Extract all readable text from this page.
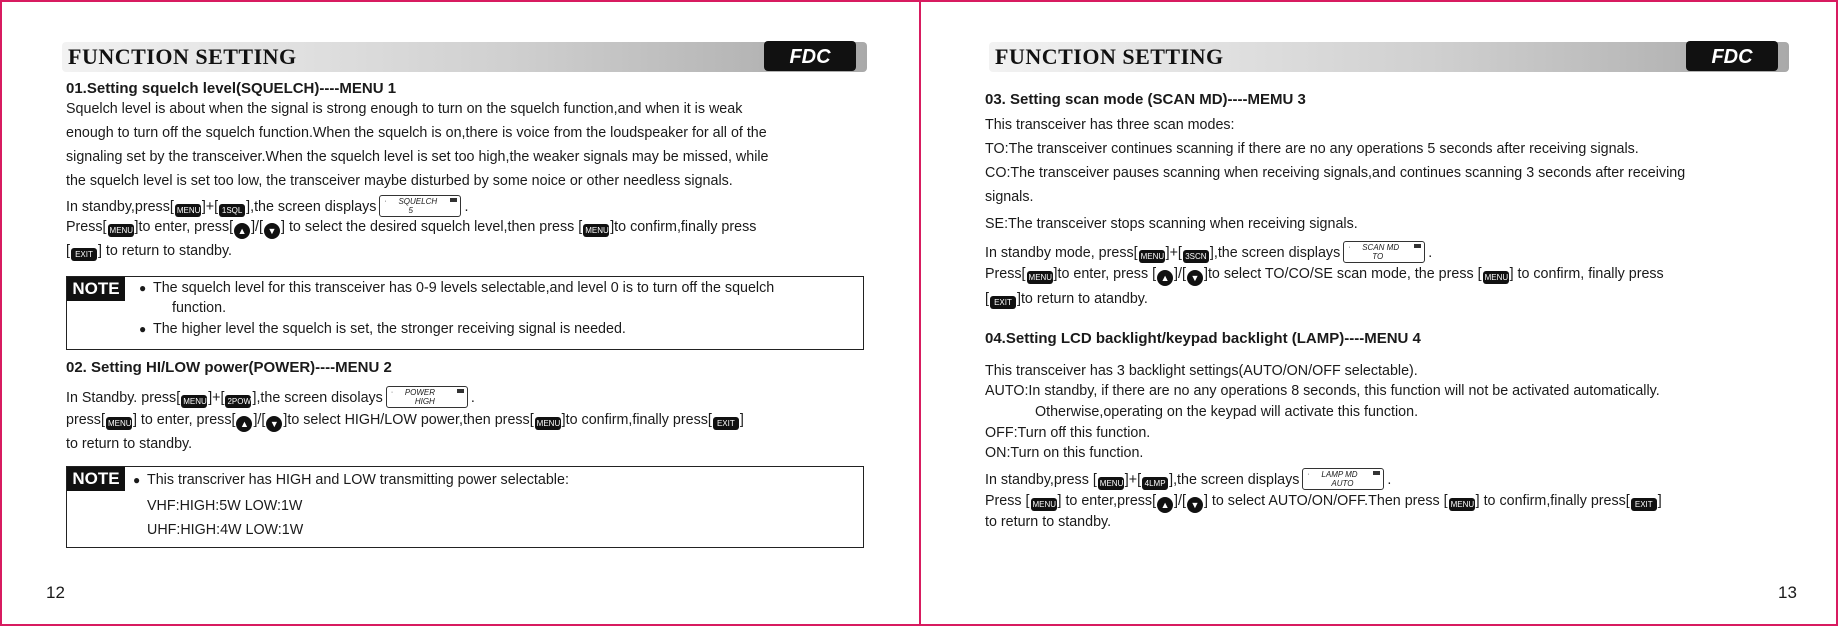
FUNCTION SETTING	FDC
01.Setting squelch level(SQUELCH)----MENU 1
Squelch level is about when the signal is strong enough to turn on the squelch function,and when it is weak
enough to turn off the squelch function.When the squelch is on,there is voice from the loudspeaker for all of the
signaling set by the transceiver.When the squelch level is set too high,the weaker signals may be missed, while
the squelch level is set too low, the transceiver maybe disturbed by some noice or other needless signals.
In standby,press[ MENU]+[ 1SQL ],the screen displays · SQUELCH
5	.
Press[ MENU]to enter, press[ ▲ ]/[ ▼ ] to select the desired squelch level,then press [ MENU]to confirm,finally press
[ EXIT ] to return to standby.
NOTE	● The squelch level for this transceiver has 0-9 levels selectable,and level 0 is to turn off the squelch
function.
● The higher level the squelch is set, the stronger receiving signal is needed.
02. Setting HI/LOW power(POWER)----MENU 2
In Standby. press[ MENU]+[ 2POW],the screen disolays · POWER
HIGH	.
press[ MENU] to enter, press[ ▲ ]/[ ▼ ]to select HIGH/LOW power,then press[ MENU]to confirm,finally press[ EXIT ]
to return to standby.
NOTE	● This transcriver has HIGH and LOW transmitting power selectable:
VHF:HIGH:5W LOW:1W
UHF:HIGH:4W LOW:1W
12
FUNCTION SETTING	FDC
03. Setting scan mode (SCAN MD)----MEMU 3
This transceiver has three scan modes:
TO:The transceiver continues scanning if there are no any operations 5 seconds after receiving signals.
CO:The transceiver pauses scanning when receiving signals,and continues scanning 3 seconds after receiving
signals.
SE:The transceiver stops scanning when receiving signals.
In standby mode, press[ MENU]+[ 3SCN ],the screen displays · SCAN MD
TO	.
Press[ MENU]to enter, press [ ▲ ]/[ ▼ ]to select TO/CO/SE scan mode, the press [ MENU] to confirm, finally press
[ EXIT ]to return to atandby.
04.Setting LCD backlight/keypad backlight (LAMP)----MENU 4
This transceiver has 3 backlight settings(AUTO/ON/OFF selectable).
AUTO:In standby, if there are no any operations 8 seconds, this function will not be activated automatically.
Otherwise,operating on the keypad will activate this function.
OFF:Turn off this function.
ON:Turn on this function.
In standby,press [ MENU]+[ 4LMP ],the screen displays · LAMP MD
AUTO .
Press [ MENU] to enter,press[ ▲ ]/[ ▼ ] to select AUTO/ON/OFF.Then press [ MENU] to confirm,finally press[ EXIT ]
to return to standby.
13
